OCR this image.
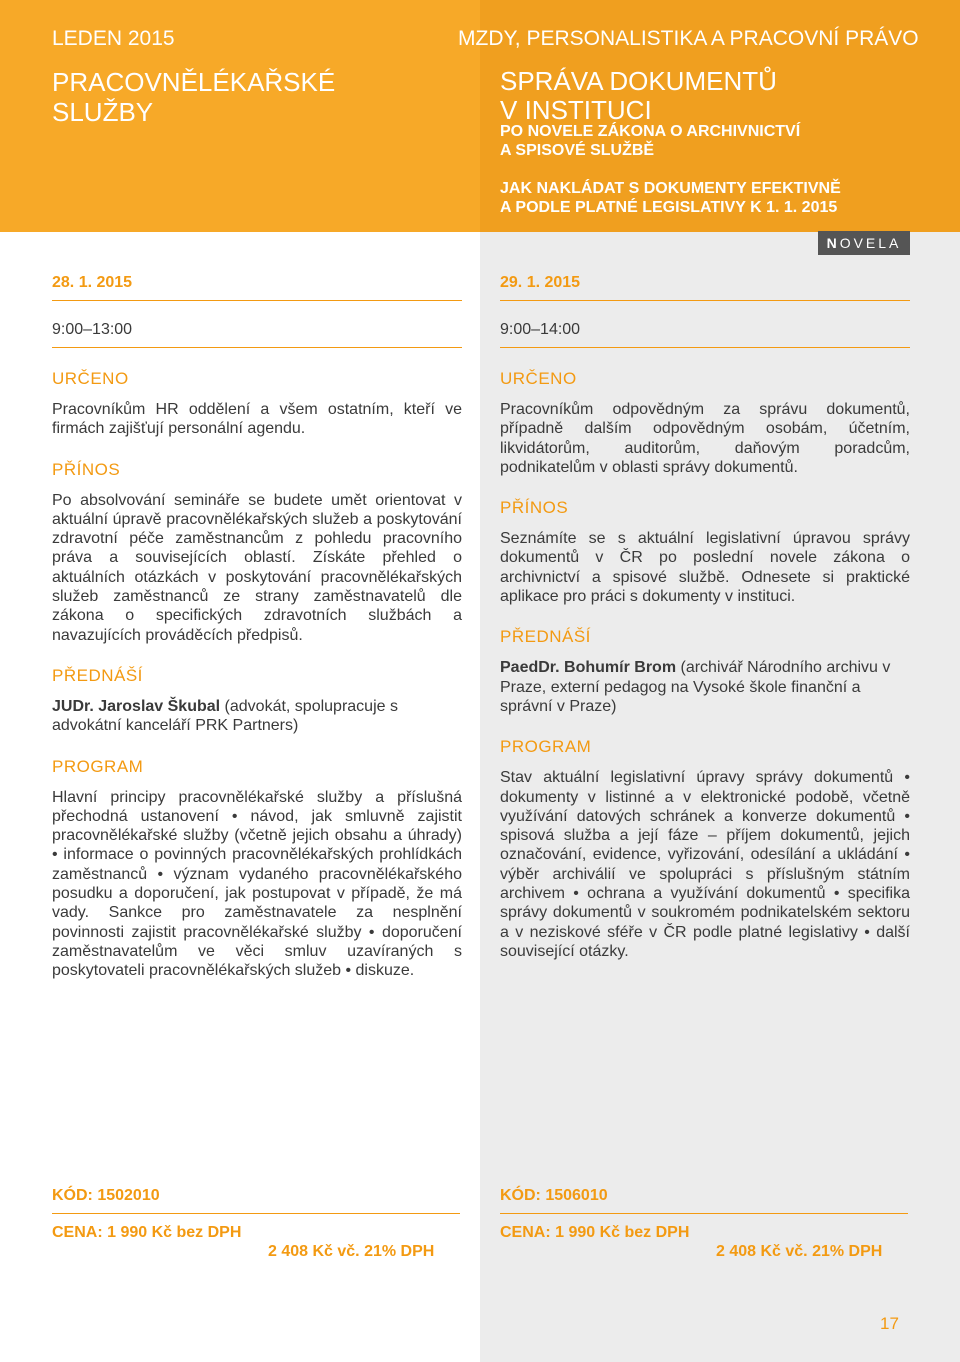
LEDEN 2015	MZDY, PERSONALISTIKA A PRACOVNÍ PRÁVO
PRACOVNĚLÉKAŘSKÉ
SLUŽBY
SPRÁVA DOKUMENTŮ
V INSTITUCI
PO NOVELE ZÁKONA O ARCHIVNICTVÍ
A SPISOVÉ SLUŽBĚ
JAK NAKLÁDAT S DOKUMENTY EFEKTIVNĚ
A PODLE PLATNÉ LEGISLATIVY K 1. 1. 2015
NOVELA
28. 1. 2015
9:00–13:00
URČENO
Pracovníkům HR oddělení a všem ostatním, kteří ve firmách zajišťují personální agendu.
PŘÍNOS
Po absolvování semináře se budete umět orientovat v aktuální úpravě pracovnělékařských služeb a poskytování zdravotní péče zaměstnancům z pohledu pracovního práva a souvisejících oblastí. Získáte přehled o aktuálních otázkách v poskytování pracovnělékařských služeb zaměstnanců ze strany zaměstnavatelů dle zákona o specifických zdravotních službách a navazujících prováděcích předpisů.
PŘEDNÁŠÍ
JUDr. Jaroslav Škubal (advokát, spolupracuje s advokátní kanceláří PRK Partners)
PROGRAM
Hlavní principy pracovnělékařské služby a příslušná přechodná ustanovení • návod, jak smluvně zajistit pracovnělékařské služby (včetně jejich obsahu a úhrady) • informace o povinných pracovnělékařských prohlídkách zaměstnanců • význam vydaného pracovnělékařského posudku a doporučení, jak postupovat v případě, že má vady. Sankce pro zaměstnavatele za nesplnění povinnosti zajistit pracovnělékařské služby • doporučení zaměstnavatelům ve věci smluv uzavíraných s poskytovateli pracovnělékařských služeb • diskuze.
29. 1. 2015
9:00–14:00
URČENO
Pracovníkům odpovědným za správu dokumentů, případně dalším odpovědným osobám, účetním, likvidátorům, auditorům, daňovým poradcům, podnikatelům v oblasti správy dokumentů.
PŘÍNOS
Seznámíte se s aktuální legislativní úpravou správy dokumentů v ČR po poslední novele zákona o archivnictví a spisové službě. Odnesete si praktické aplikace pro práci s dokumenty v instituci.
PŘEDNÁŠÍ
PaedDr. Bohumír Brom (archivář Národního archivu v Praze, externí pedagog na Vysoké škole finanční a správní v Praze)
PROGRAM
Stav aktuální legislativní úpravy správy dokumentů • dokumenty v listinné a v elektronické podobě, včetně využívání datových schránek a konverze dokumentů • spisová služba a její fáze – příjem dokumentů, jejich označování, evidence, vyřizování, odesílání a ukládání • výběr archiválií ve spolupráci s příslušným státním archivem • ochrana a využívání dokumentů • specifika správy dokumentů v soukromém podnikatelském sektoru a v neziskové sféře v ČR podle platné legislativy • další související otázky.
KÓD: 1502010
CENA: 1 990 Kč bez DPH
2 408 Kč vč. 21% DPH
KÓD: 1506010
CENA: 1 990 Kč bez DPH
2 408 Kč vč. 21% DPH
17
